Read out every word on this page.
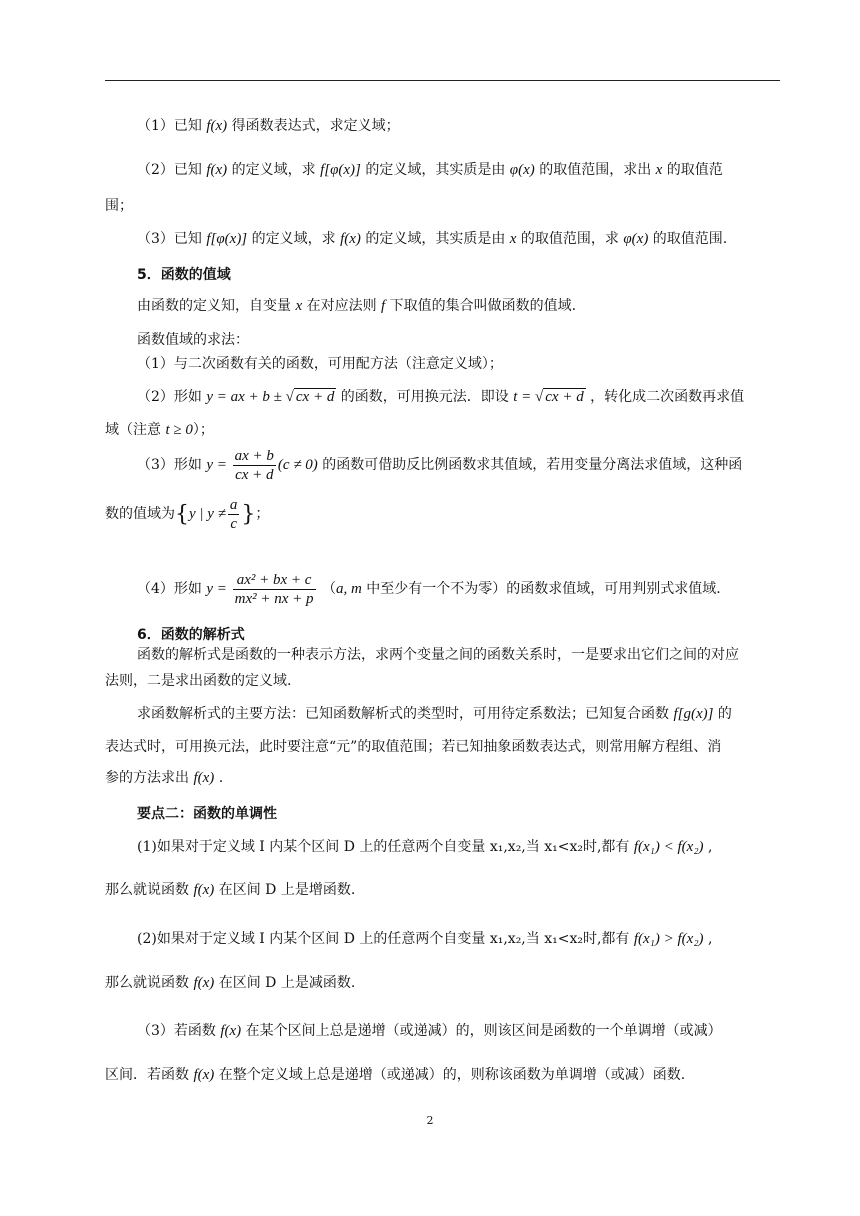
（1）已知 f(x) 得函数表达式，求定义域；
（2）已知 f(x) 的定义域，求 f[φ(x)] 的定义域，其实质是由 φ(x) 的取值范围，求出 x 的取值范
围；
（3）已知 f[φ(x)] 的定义域，求 f(x) 的定义域，其实质是由 x 的取值范围，求 φ(x) 的取值范围.
5．函数的值域
由函数的定义知，自变量 x 在对应法则 f 下取值的集合叫做函数的值域.
函数值域的求法：
（1）与二次函数有关的函数，可用配方法（注意定义域）；
（2）形如 y = ax + b ± √ cx + d 的函数，可用换元法．即设 t = √ cx + d ，转化成二次函数再求值
域（注意 t ≥ 0）；
（3）形如 $y = \frac{ax + b}{cx + d} (c \ne 0)$ 的函数可借助反比例函数求其值域，若用变量分离法求值域，这种函
数的值域为{y | $y \ne \frac{a}{c}$ }；
（4）形如 $y = \frac{\text{ax² + bx + c}}{\text{mx² + nx + p}} (a$, m 中至少有一个不为零）的函数求值域，可用判别式求值域.
6．函数的解析式
函数的解析式是函数的一种表示方法，求两个变量之间的函数关系时，一是要求出它们之间的对应
法则，二是求出函数的定义域.
求函数解析式的主要方法：已知函数解析式的类型时，可用待定系数法；已知复合函数 f[g(x)] 的
表达式时，可用换元法，此时要注意“元”的取值范围；若已知抽象函数表达式，则常用解方程组、消
参的方法求出 f(x) .
要点二：函数的单调性
(1)如果对于定义域 I 内某个区间 D 上的任意两个自变量 x₁,x₂,当 x₁<x₂时,都有 f(x₁) < f(x₂) ,
那么就说函数 f(x) 在区间 D 上是增函数.
(2)如果对于定义域 I 内某个区间 D 上的任意两个自变量 x₁,x₂,当 x₁<x₂时,都有 f(x₁) > f(x₂) ,
那么就说函数 f(x) 在区间 D 上是减函数.
（3）若函数 f(x) 在某个区间上总是递增（或递减）的，则该区间是函数的一个单调增（或减）
区间．若函数 f(x) 在整个定义域上总是递增（或递减）的，则称该函数为单调增（或减）函数.
2
